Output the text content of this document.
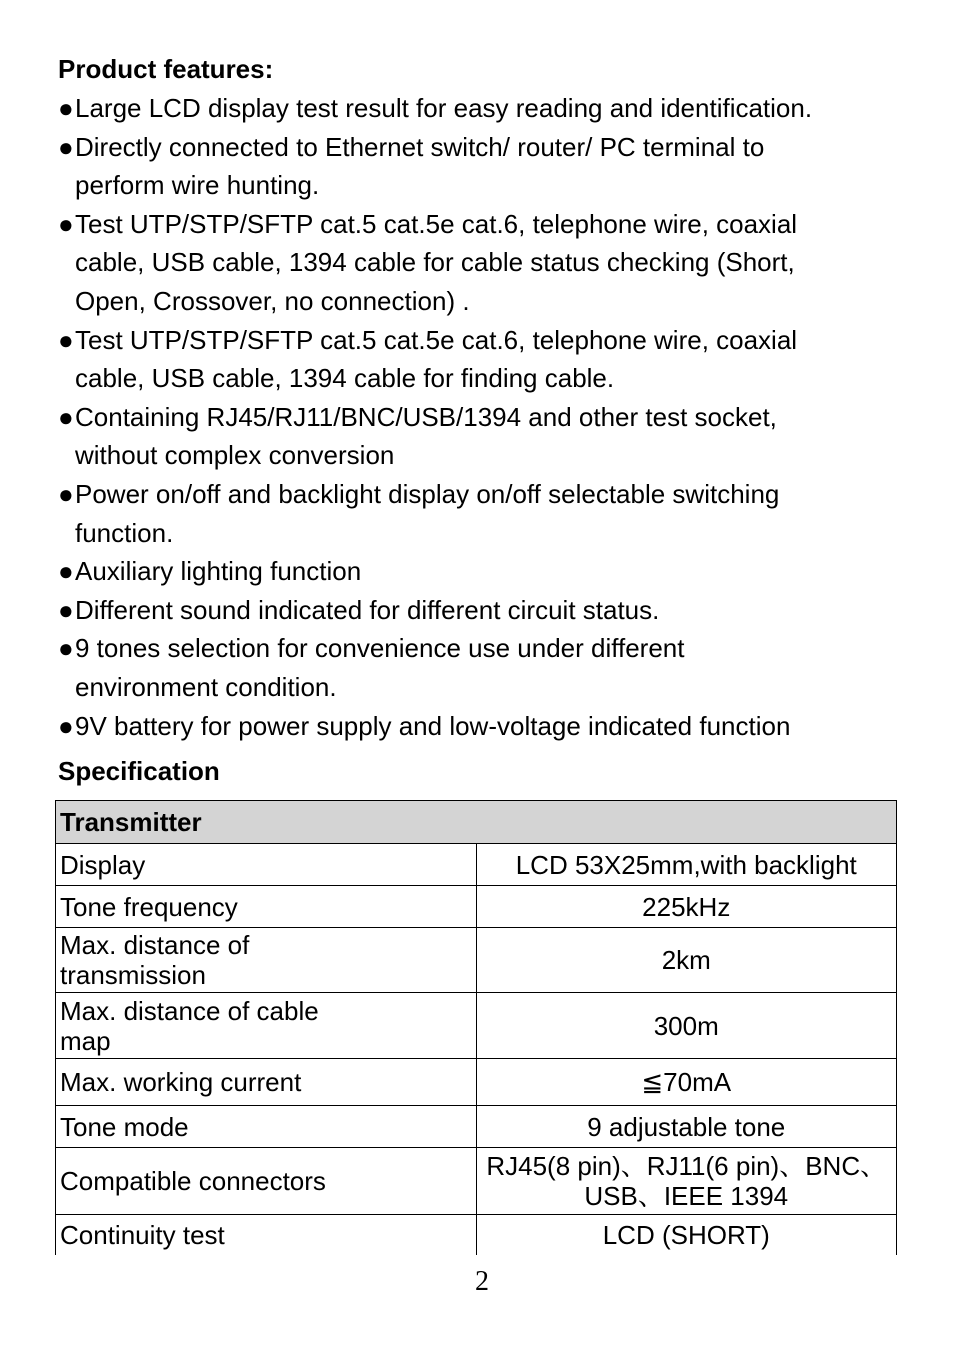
Product features:
● Large LCD display test result for easy reading and identification.
● Directly connected to Ethernet switch/ router/ PC terminal to
perform wire hunting.
● Test UTP/STP/SFTP cat.5 cat.5e cat.6, telephone wire, coaxial
cable, USB cable, 1394 cable for cable status checking (Short,
Open, Crossover, no connection) .
● Test UTP/STP/SFTP cat.5 cat.5e cat.6, telephone wire, coaxial
cable, USB cable, 1394 cable for finding cable.
● Containing RJ45/RJ11/BNC/USB/1394 and other test socket,
without complex conversion
● Power on/off and backlight display on/off selectable switching
function.
● Auxiliary lighting function
● Different sound indicated for different circuit status.
● 9 tones selection for convenience use under different
environment condition.
● 9V battery for power supply and low-voltage indicated function
Specification
Transmitter	
Display	LCD 53X25mm,with backlight
Tone frequency	225kHz
Max. distance of
transmission	2km
Max. distance of cable
map	300m
Max. working current	≦70mA
Tone mode	9 adjustable tone
Compatible connectors	RJ45(8 pin)、RJ11(6 pin)、BNC、
USB、IEEE 1394
Continuity test	LCD (SHORT)
2
